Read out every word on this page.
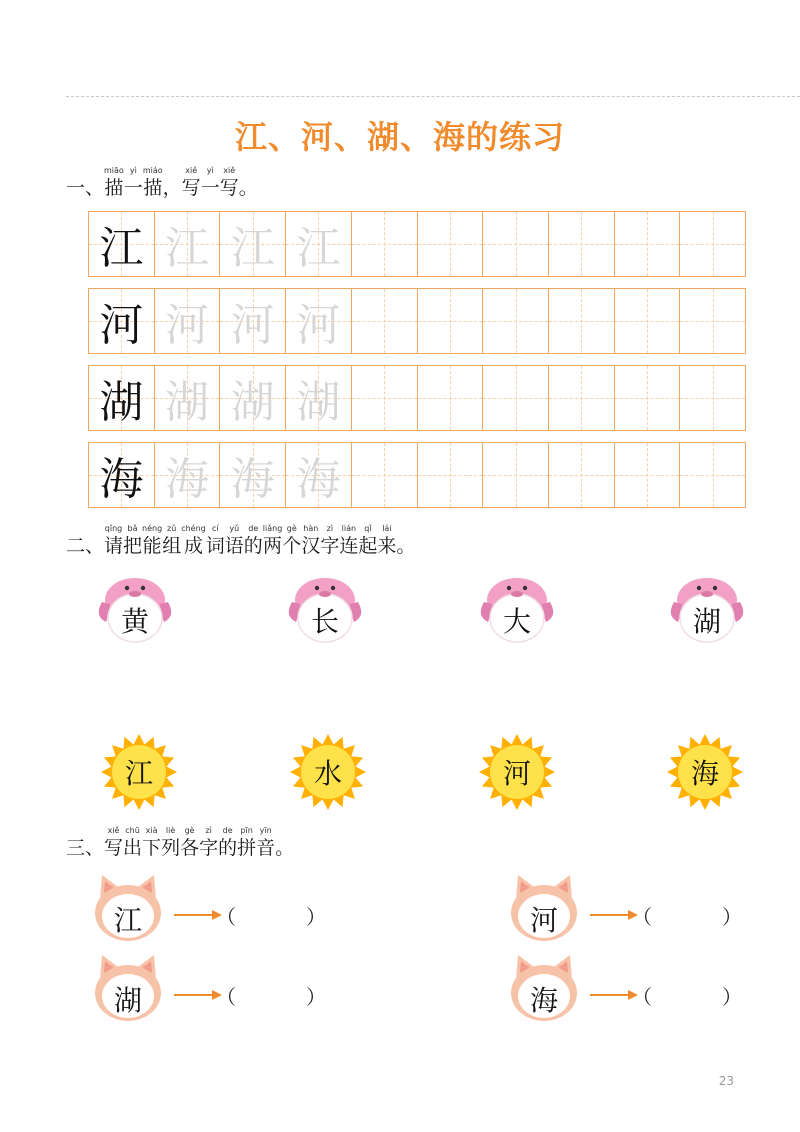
江、河、湖、海的练习
一、
miāo
描
yì
一
miáo
描 ，
xiě
写
yì
一
xiě
写 。
江 江 江 江
河 河 河 河
湖 湖 湖 湖
海 海 海 海
二、
qǐng
请
bǎ
把
néng
能
zǔ
组
chéng
成
cí
词
yǔ
语
de
的
liǎng
两
gè
个
hàn
汉
zì
字
lián
连
qǐ
起
lái
来 。
黄	长	大	湖
江	水	河	海
三、
xiě
写
chū
出
xià
下
liè
列
gè
各
zì
字
de
的
pīn
拼
yīn
音 。
江	（	）	河	（	）
湖	（	）	海	（	）
23
